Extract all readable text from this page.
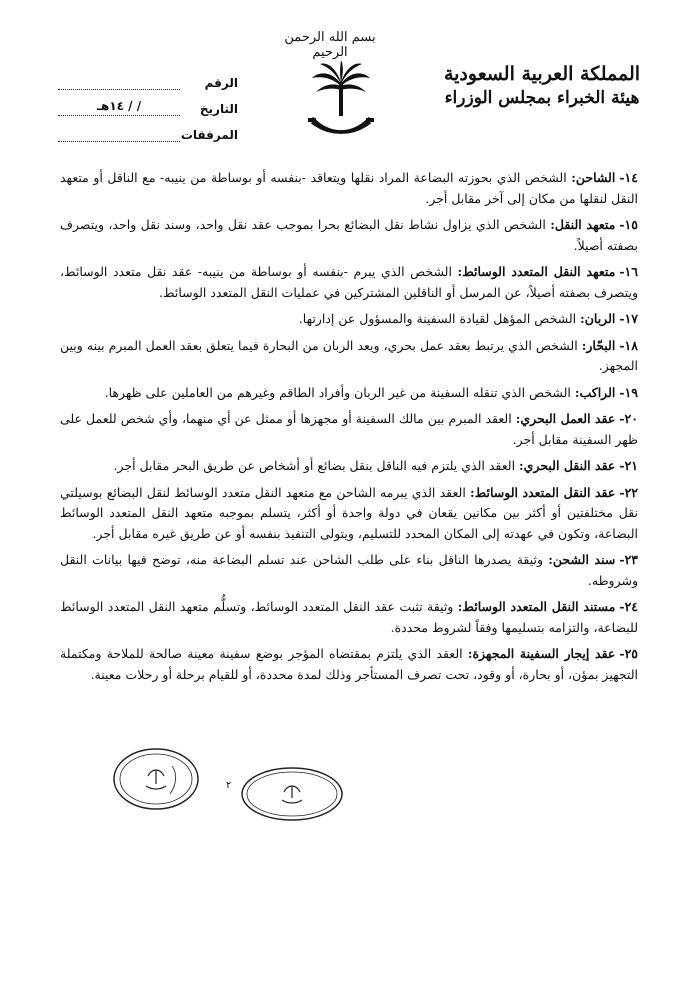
بسم الله الرحمن الرحيم
المملكة العربية السعودية
هيئة الخبراء بمجلس الوزراء
الرقم
التاريخ
/ / ١٤هـ
المرفقات

١٤-الشاحن: الشخص الذي بحوزته البضاعة المراد نقلها ويتعاقد -بنفسه أو بوساطة من ينيبه- مع الناقل أو متعهد النقل لنقلها من مكان إلى آخر مقابل أجر.

١٥-متعهد النقل: الشخص الذي يزاول نشاط نقل البضائع بحرا بموجب عقد نقل واحد، وسند نقل واحد، ويتصرف بصفته أصيلاً.

١٦-متعهد النقل المتعدد الوسائط: الشخص الذي يبرم -بنفسه أو بوساطة من ينيبه- عقد نقل متعدد الوسائط، ويتصرف بصفته أصيلاً، عن المرسل أو الناقلين المشتركين في عمليات النقل المتعدد الوسائط.

١٧-الربان: الشخص المؤهل لقيادة السفينة والمسؤول عن إدارتها.

١٨-البحّار: الشخص الذي يرتبط بعقد عمل بحري، ويعد الربان من البحارة فيما يتعلق بعقد العمل المبرم بينه وبين المجهز.

١٩-الراكب: الشخص الذي تنقله السفينة من غير الربان وأفراد الطاقم وغيرهم من العاملين على ظهرها.

٢٠-عقد العمل البحري: العقد المبرم بين مالك السفينة أو مجهزها أو ممثل عن أي منهما، وأي شخص للعمل على ظهر السفينة مقابل أجر.

٢١-عقد النقل البحري: العقد الذي يلتزم فيه الناقل بنقل بضائع أو أشخاص عن طريق البحر مقابل أجر.

٢٢-عقد النقل المتعدد الوسائط: العقد الذي يبرمه الشاحن مع متعهد النقل متعدد الوسائط لنقل البضائع بوسيلتي نقل مختلفتين أو أكثر بين مكانين يقعان في دولة واحدة أو أكثر، يتسلم بموجبه متعهد النقل المتعدد الوسائط البضاعة، وتكون في عهدته إلى المكان المحدد للتسليم، ويتولى التنفيذ بنفسه أو عن طريق غيره مقابل أجر.

٢٣-سند الشحن: وثيقة يصدرها الناقل بناء على طلب الشاحن عند تسلم البضاعة منه، توضح فيها بيانات النقل وشروطه.

٢٤-مستند النقل المتعدد الوسائط: وثيقة تثبت عقد النقل المتعدد الوسائط، وتسلُّم متعهد النقل المتعدد الوسائط للبضاعة، والتزامه بتسليمها وفقاً لشروط محددة.

٢٥-عقد إيجار السفينة المجهزة: العقد الذي يلتزم بمقتضاه المؤجر بوضع سفينة معينة صالحة للملاحة ومكتملة التجهيز بمؤن، أو بحارة، أو وقود، تحت تصرف المستأجر وذلك لمدة محددة، أو للقيام برحلة أو رحلات معينة.

٢
